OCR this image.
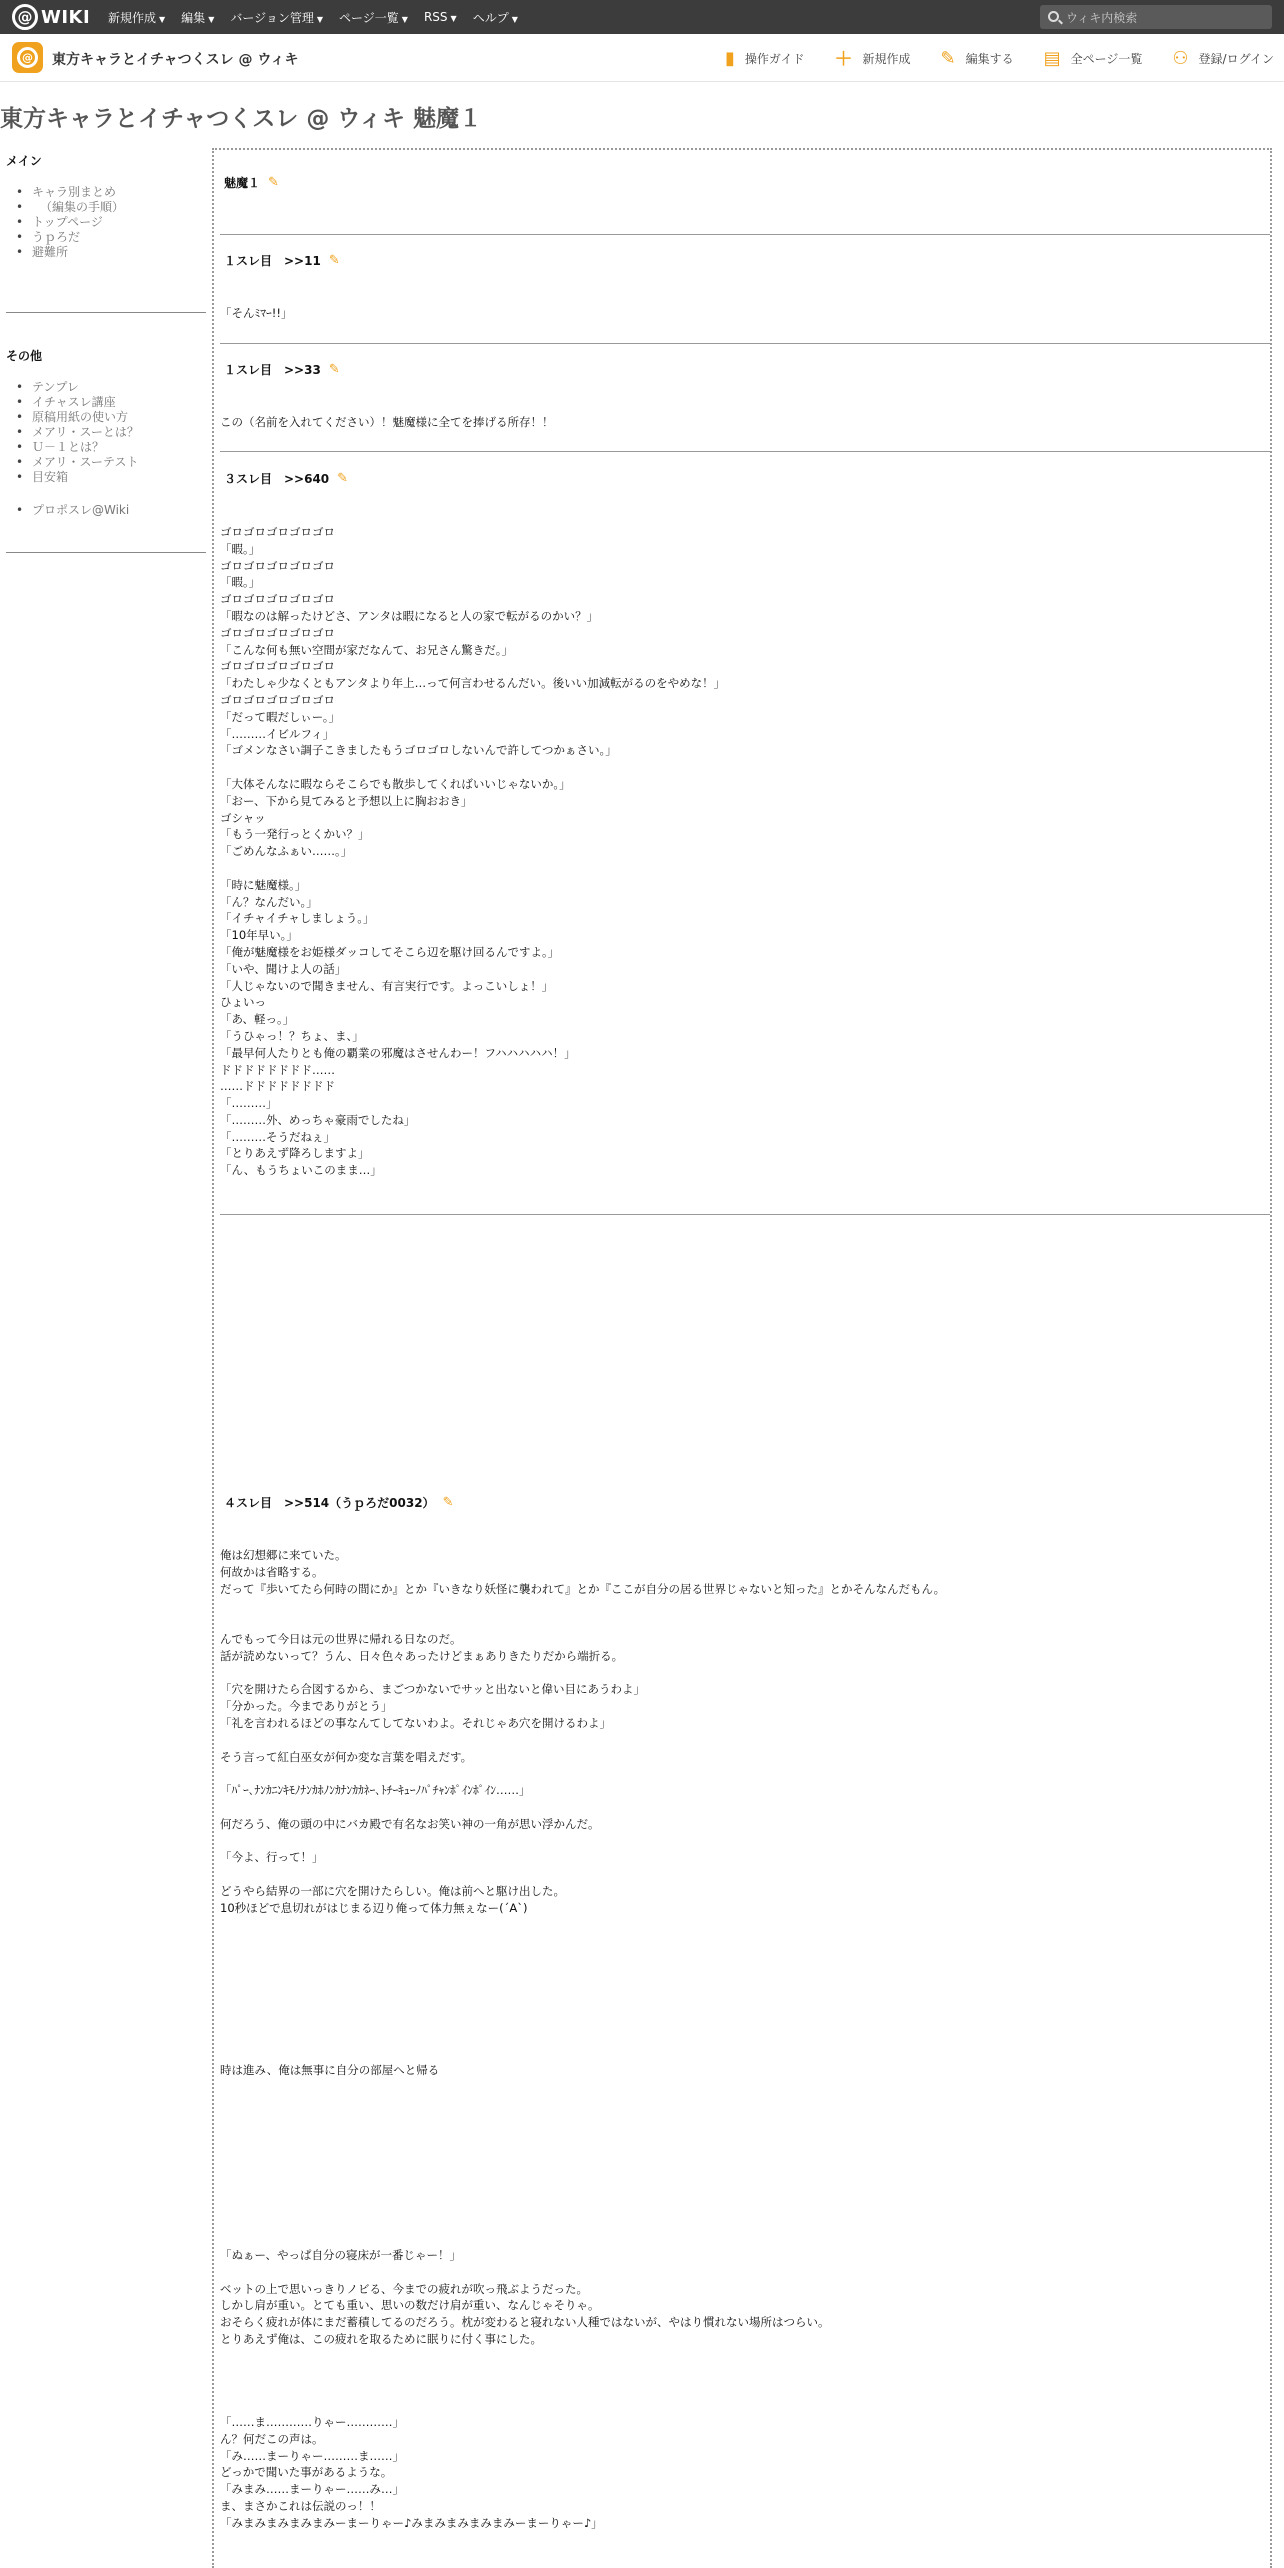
@ WIKI 新規作成 ▼ 編集 ▼ バージョン管理 ▼ ページ一覧 ▼ RSS ▼ ヘルプ ▼	ウィキ内検索
@	東方キャラとイチャつくスレ @ ウィキ	▮ 操作ガイド ＋ 新規作成 ✎ 編集する ▤ 全ページ一覧 ⚇ 登録/ログイン
東方キャラとイチャつくスレ @ ウィキ 魅魔１
メイン
• キャラ別まとめ
• （編集の手順）
• トップページ
• うｐろだ
• 避難所
その他
• テンプレ
• イチャスレ講座
• 原稿用紙の使い方
• メアリ・スーとは？
• Ｕ－１とは？
• メアリ・スーテスト
• 目安箱
• プロポスレ@Wiki
魅魔１ ✎
１スレ目　>>11 ✎
「そんﾐﾏｰ!!」
１スレ目　>>33 ✎
この（名前を入れてください）！魅魔様に全てを捧げる所存！！
３スレ目　>>640 ✎
ゴロゴロゴロゴロゴロ
「暇。」
ゴロゴロゴロゴロゴロ
「暇。」
ゴロゴロゴロゴロゴロ
「暇なのは解ったけどさ、アンタは暇になると人の家で転がるのかい？」
ゴロゴロゴロゴロゴロ
「こんな何も無い空間が家だなんて、お兄さん驚きだ。」
ゴロゴロゴロゴロゴロ
「わたしゃ少なくともアンタより年上…って何言わせるんだい。後いい加減転がるのをやめな！」
ゴロゴロゴロゴロゴロ
「だって暇だしぃー。」
「………イビルフィ」
「ゴメンなさい調子こきましたもうゴロゴロしないんで許してつかぁさい。」

「大体そんなに暇ならそこらでも散歩してくればいいじゃないか。」
「おー、下から見てみると予想以上に胸おおき」
ゴシャッ
「もう一発行っとくかい？」
「ごめんなふぁい……。」

「時に魅魔様。」
「ん？なんだい。」
「イチャイチャしましょう。」
「10年早い。」
「俺が魅魔様をお姫様ダッコしてそこら辺を駆け回るんですよ。」
「いや、聞けよ人の話」
「人じゃないので聞きません、有言実行です。よっこいしょ！」
ひょいっ
「あ、軽っ。」
「うひゃっ！？ちょ、ま、」
「最早何人たりとも俺の覇業の邪魔はさせんわー！フハハハハハ！」
ドドドドドドドド……
……ドドドドドドドド
「………」
「………外、めっちゃ豪雨でしたね」
「………そうだねぇ」
「とりあえず降ろしますよ」
「ん、もうちょいこのまま…」
４スレ目　>>514（うｐろだ0032） ✎
俺は幻想郷に来ていた。
何故かは省略する。
だって『歩いてたら何時の間にか』とか『いきなり妖怪に襲われて』とか『ここが自分の居る世界じゃないと知った』とかそんなんだもん。

んでもって今日は元の世界に帰れる日なのだ。
話が読めないって？うん、日々色々あったけどまぁありきたりだから端折る。

「穴を開けたら合図するから、まごつかないでサッと出ないと偉い目にあうわよ」
「分かった。今までありがとう」
「礼を言われるほどの事なんてしてないわよ。それじゃあ穴を開けるわよ」

そう言って紅白巫女が何か変な言葉を唱えだす。

「ﾊﾟｰ､ﾅﾝｶﾆﾝｷﾓﾉﾅﾝｶﾎﾉﾝｶﾅﾝｶｶﾈｰ､ﾄﾁｰｷｭｰﾉﾊﾟﾁｬﾝﾎﾟｲﾝﾎﾟｲﾝ……」

何だろう、俺の頭の中にバカ殿で有名なお笑い神の一角が思い浮かんだ。

「今よ、行って！」

どうやら結界の一部に穴を開けたらしい。俺は前へと駆け出した。
10秒ほどで息切れがはじまる辺り俺って体力無ぇなー(´A`)
時は進み、俺は無事に自分の部屋へと帰る
「ぬぁー、やっぱ自分の寝床が一番じゃー！」

ベットの上で思いっきりノビる、今までの疲れが吹っ飛ぶようだった。
しかし肩が重い。とても重い、思いの数だけ肩が重い、なんじゃそりゃ。
おそらく疲れが体にまだ蓄積してるのだろう。枕が変わると寝れない人種ではないが、やはり慣れない場所はつらい。
とりあえず俺は、この疲れを取るために眠りに付く事にした。
「……ま…………りゃー…………」
ん？何だこの声は。
「み……まーりゃー………ま……」
どっかで聞いた事があるような。
「みまみ……まーりゃー……み…」
ま、まさかこれは伝説のっ！！
「みまみまみまみまみーまーりゃー♪みまみまみまみまみーまーりゃー♪」
